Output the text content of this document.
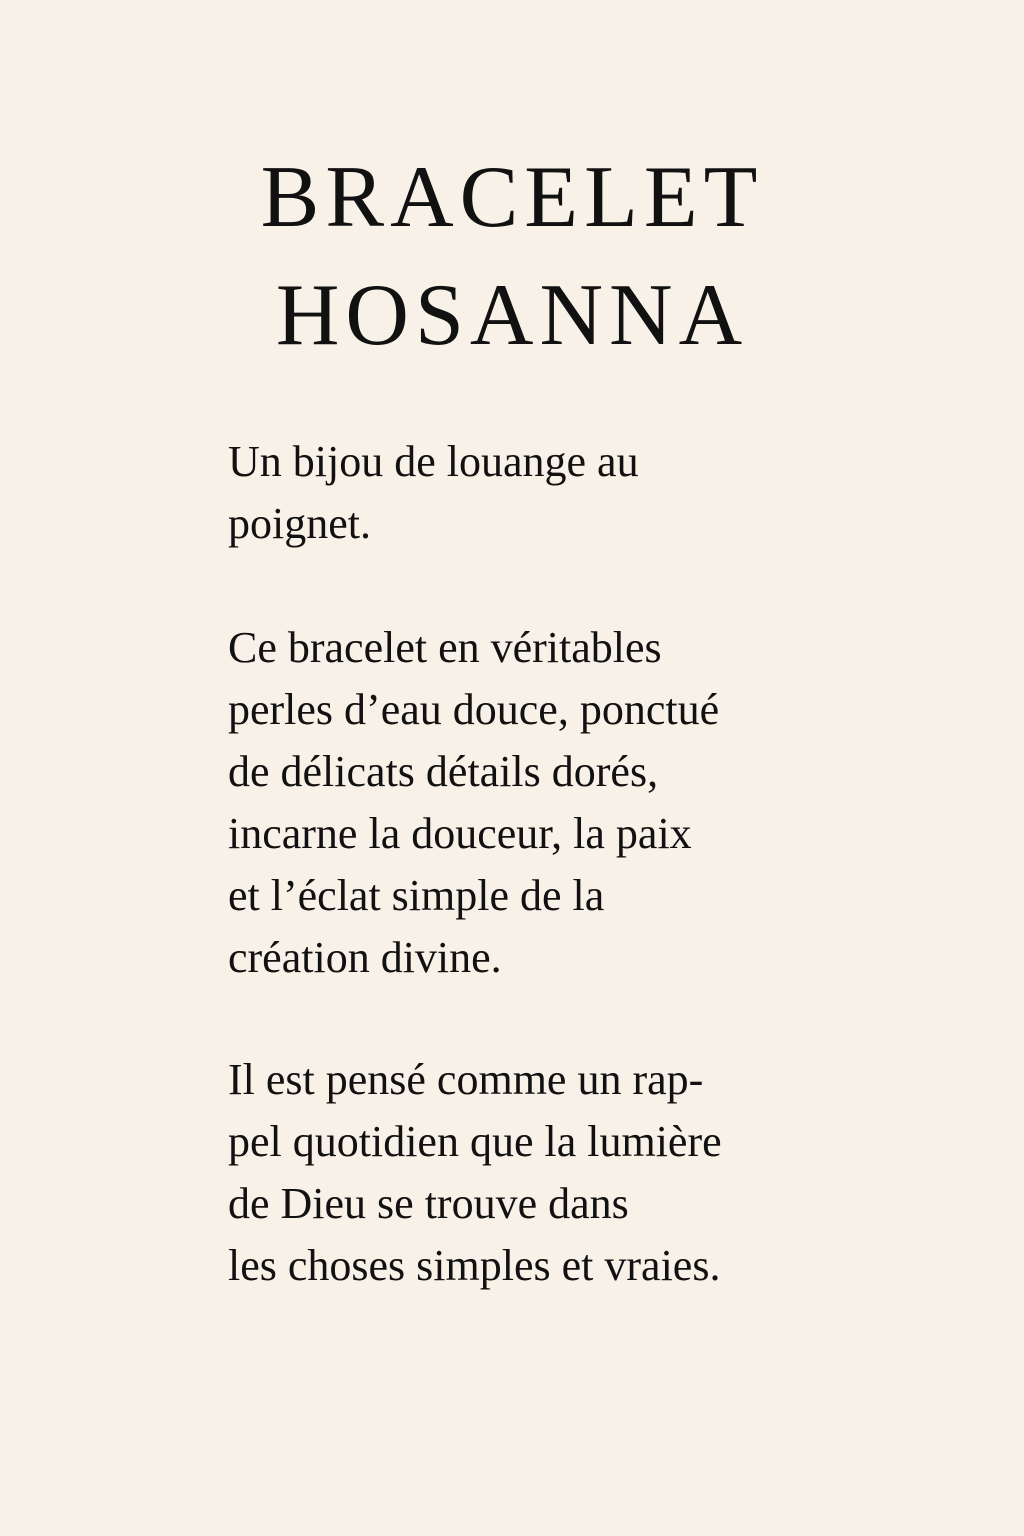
BRACELET
HOSANNA
Un bijou de louange au
poignet.
Ce bracelet en véritables
perles d’eau douce, ponctué
de délicats détails dorés,
incarne la douceur, la paix
et l’éclat simple de la
création divine.
Il est pensé comme un rap-
pel quotidien que la lumière
de Dieu se trouve dans
les choses simples et vraies.
